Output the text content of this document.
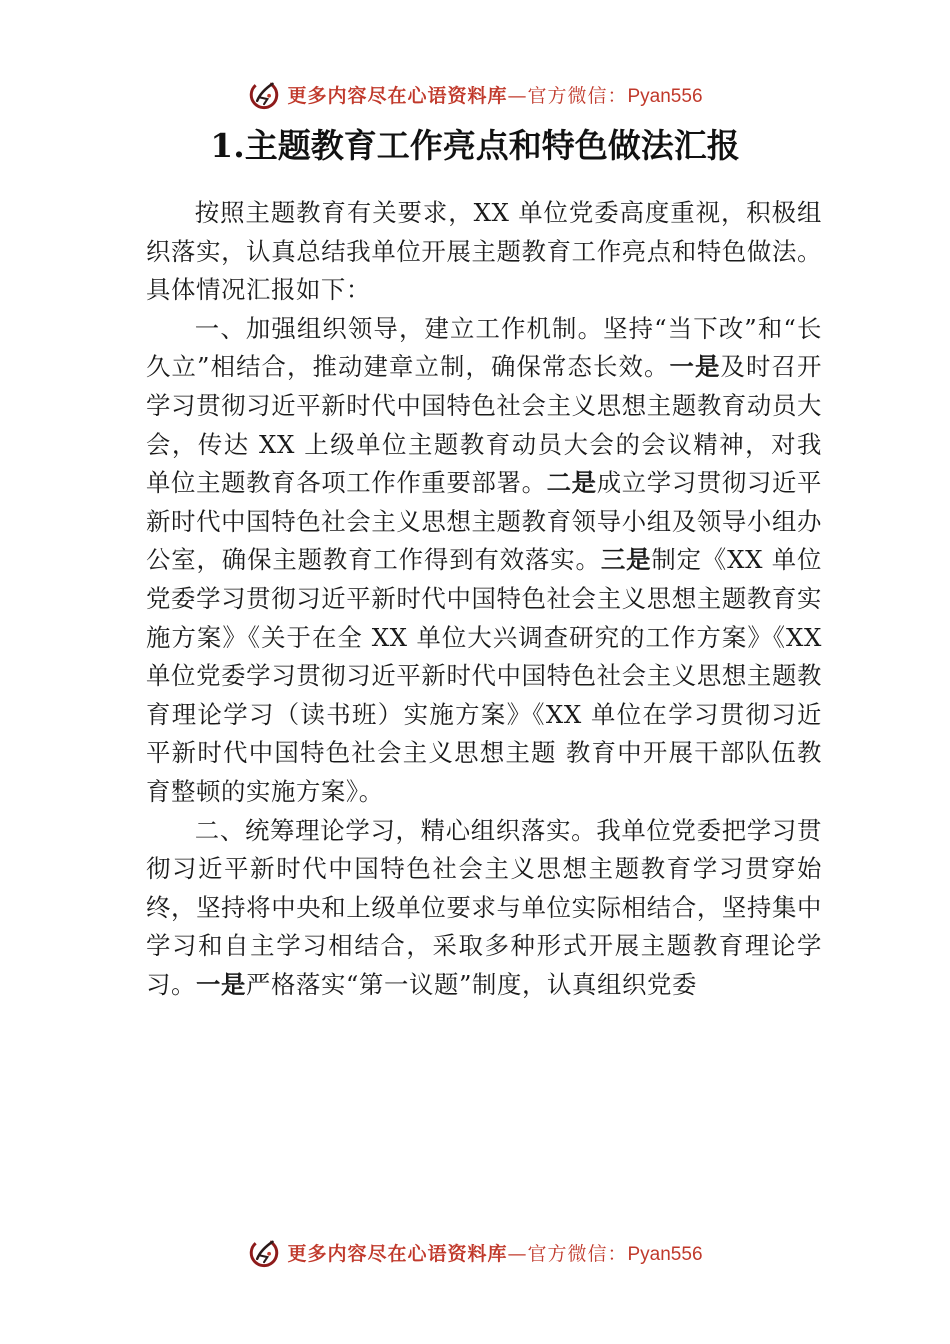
更多内容尽在心语资料库—官方微信：Pyan556
1.主题教育工作亮点和特色做法汇报

按照主题教育有关要求，XX 单位党委高度重视，积极组织落实，认真总结我单位开展主题教育工作亮点和特色做法。具体情况汇报如下：

一、加强组织领导，建立工作机制。坚持“当下改”和“长久立”相结合，推动建章立制，确保常态长效。一是及时召开学习贯彻习近平新时代中国特色社会主义思想主题教育动员大会，传达 XX 上级单位主题教育动员大会的会议精神，对我单位主题教育各项工作作重要部署。二是成立学习贯彻习近平新时代中国特色社会主义思想主题教育领导小组及领导小组办公室，确保主题教育工作得到有效落实。三是制定《XX 单位党委学习贯彻习近平新时代中国特色社会主义思想主题教育实施方案》《关于在全 XX 单位大兴调查研究的工作方案》《XX 单位党委学习贯彻习近平新时代中国特色社会主义思想主题教育理论学习（读书班）实施方案》《XX 单位在学习贯彻习近平新时代中国特色社会主义思想主题 教育中开展干部队伍教育整顿的实施方案》。

二、统筹理论学习，精心组织落实。我单位党委把学习贯彻习近平新时代中国特色社会主义思想主题教育学习贯穿始终，坚持将中央和上级单位要求与单位实际相结合，坚持集中学习和自主学习相结合，采取多种形式开展主题教育理论学习。一是严格落实“第一议题”制度，认真组织党委

更多内容尽在心语资料库—官方微信：Pyan556
